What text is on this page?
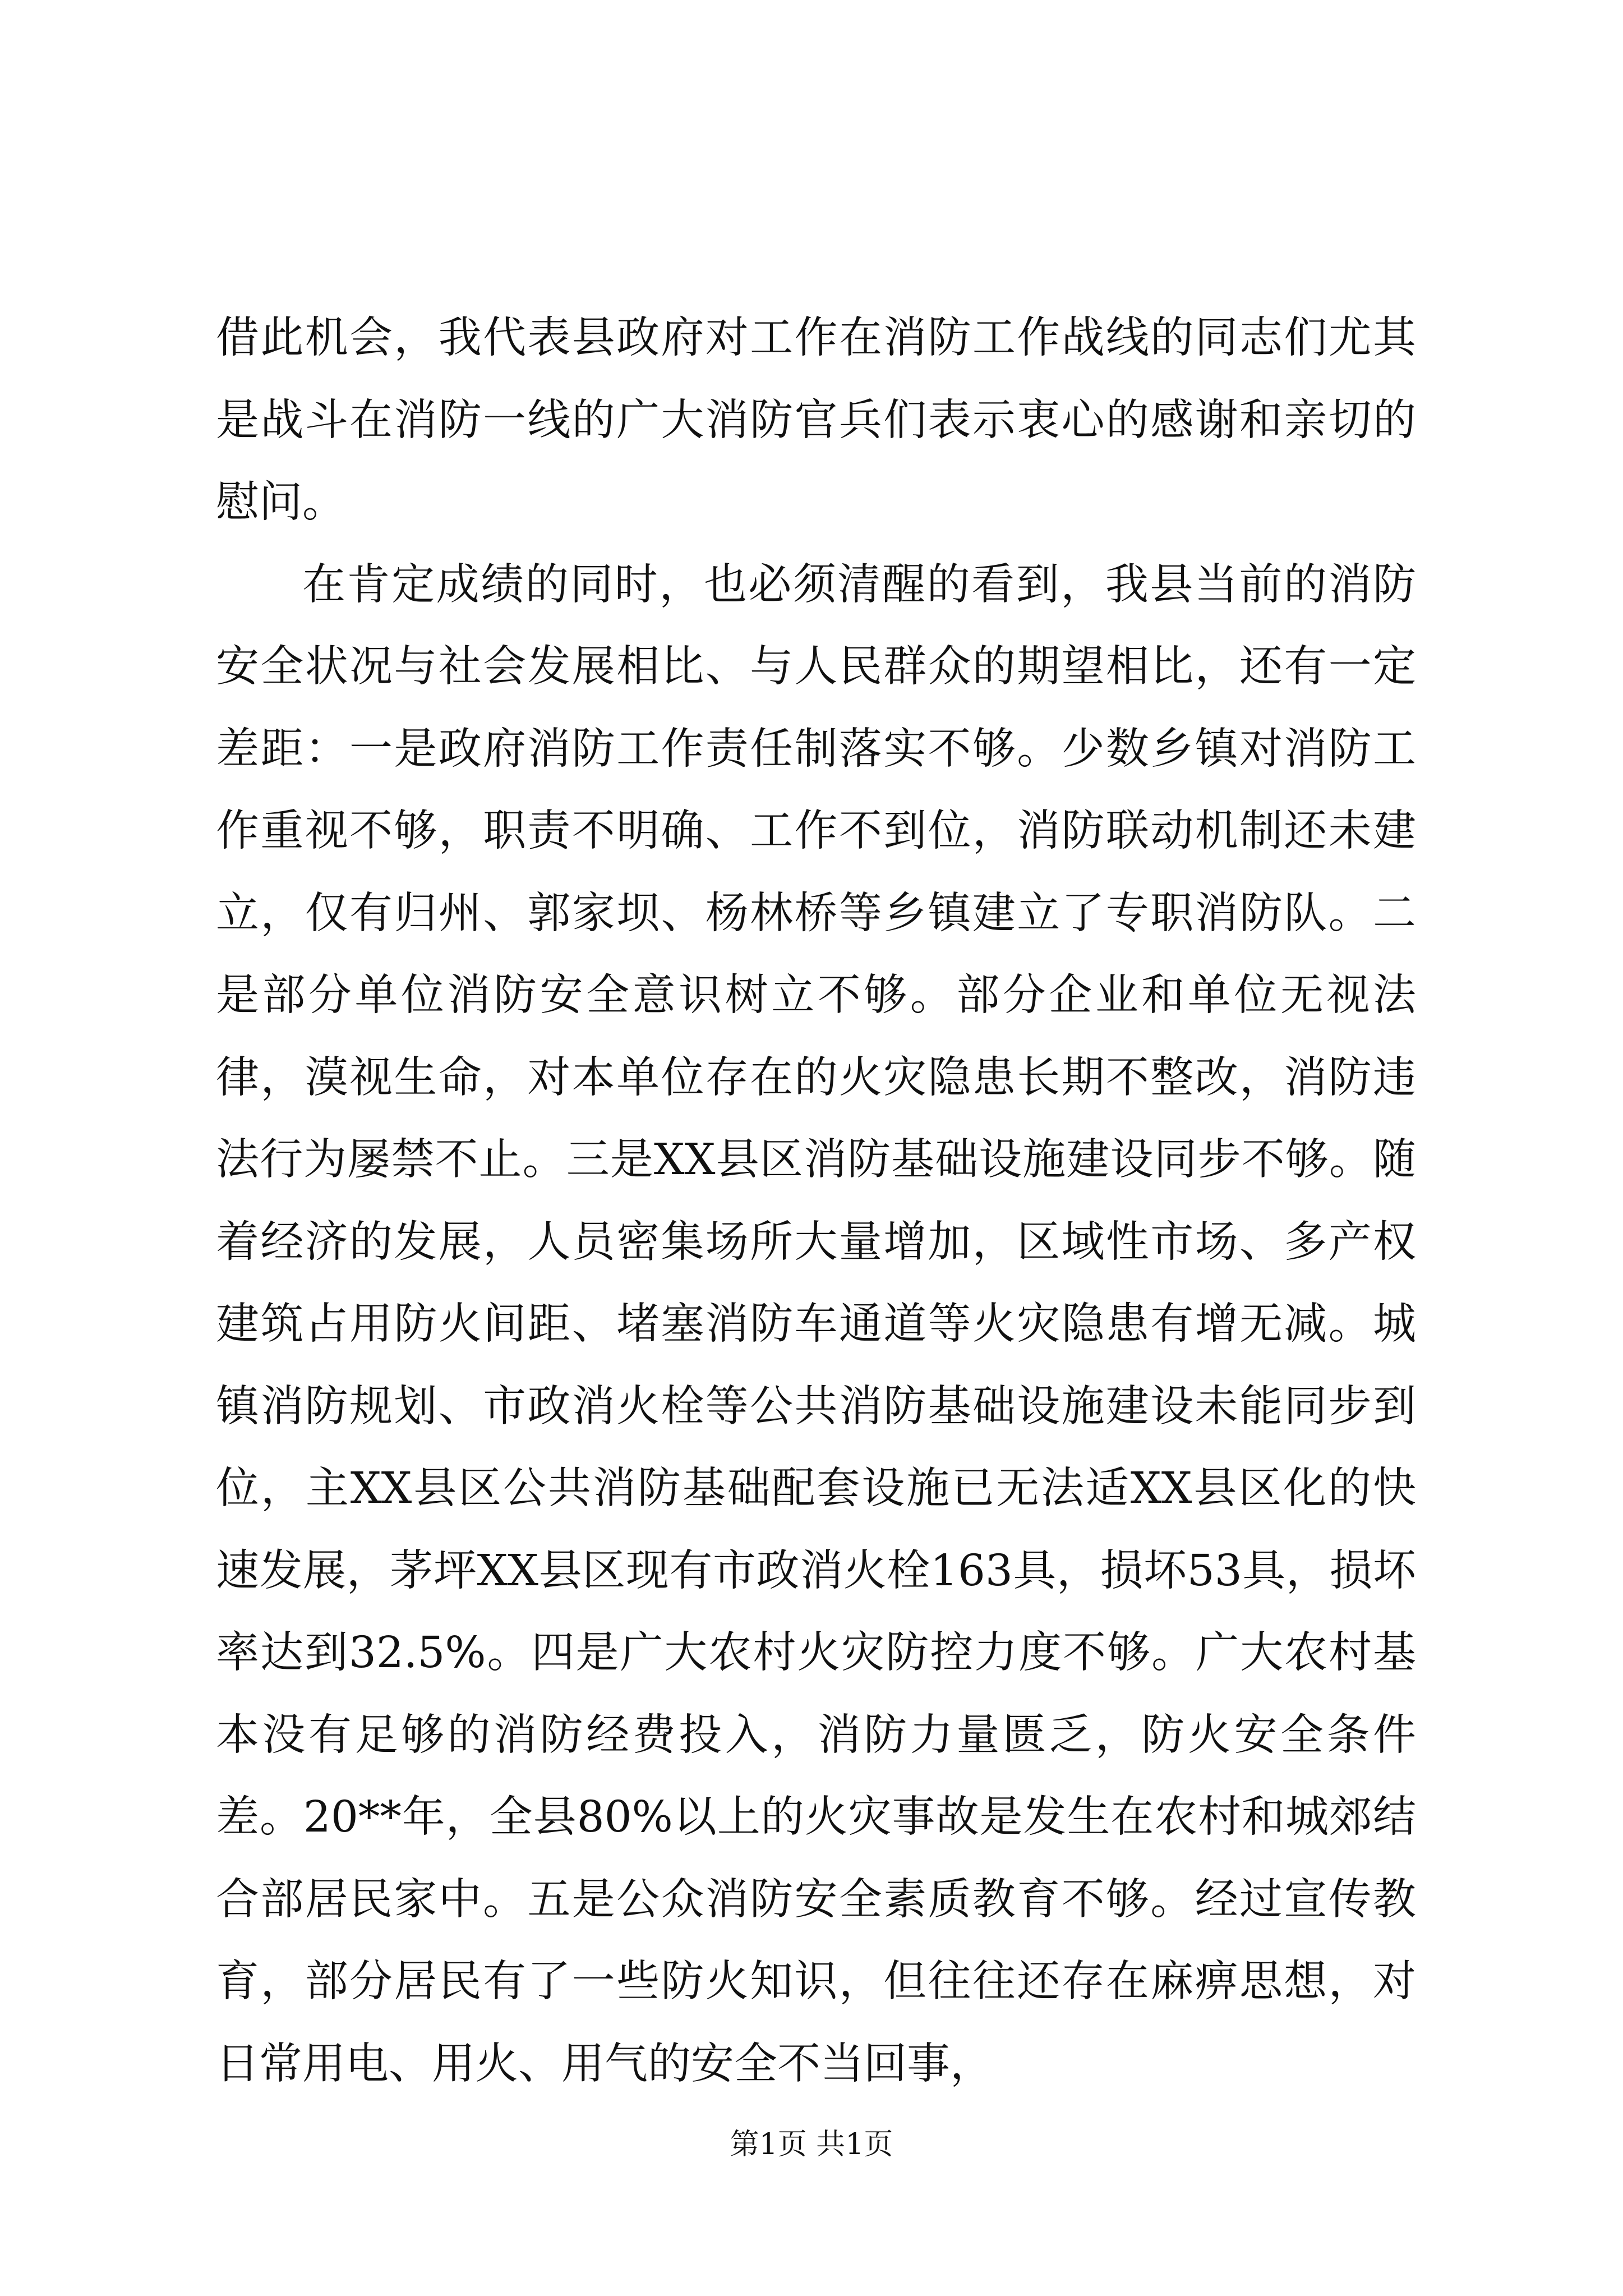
借此机会，我代表县政府对工作在消防工作战线的同志们尤其是战斗在消防一线的广大消防官兵们表示衷心的感谢和亲切的慰问。

在肯定成绩的同时，也必须清醒的看到，我县当前的消防安全状况与社会发展相比、与人民群众的期望相比，还有一定差距：一是政府消防工作责任制落实不够。少数乡镇对消防工作重视不够，职责不明确、工作不到位，消防联动机制还未建立，仅有归州、郭家坝、杨林桥等乡镇建立了专职消防队。二是部分单位消防安全意识树立不够。部分企业和单位无视法律，漠视生命，对本单位存在的火灾隐患长期不整改，消防违法行为屡禁不止。三是XX县区消防基础设施建设同步不够。随着经济的发展，人员密集场所大量增加，区域性市场、多产权建筑占用防火间距、堵塞消防车通道等火灾隐患有增无减。城镇消防规划、市政消火栓等公共消防基础设施建设未能同步到位，主XX县区公共消防基础配套设施已无法适XX县区化的快速发展，茅坪XX县区现有市政消火栓163具，损坏53具，损坏率达到32.5%。四是广大农村火灾防控力度不够。广大农村基本没有足够的消防经费投入，消防力量匮乏，防火安全条件差。20**年，全县80%以上的火灾事故是发生在农村和城郊结合部居民家中。五是公众消防安全素质教育不够。经过宣传教育，部分居民有了一些防火知识，但往往还存在麻痹思想，对日常用电、用火、用气的安全不当回事，

第1页 共1页
